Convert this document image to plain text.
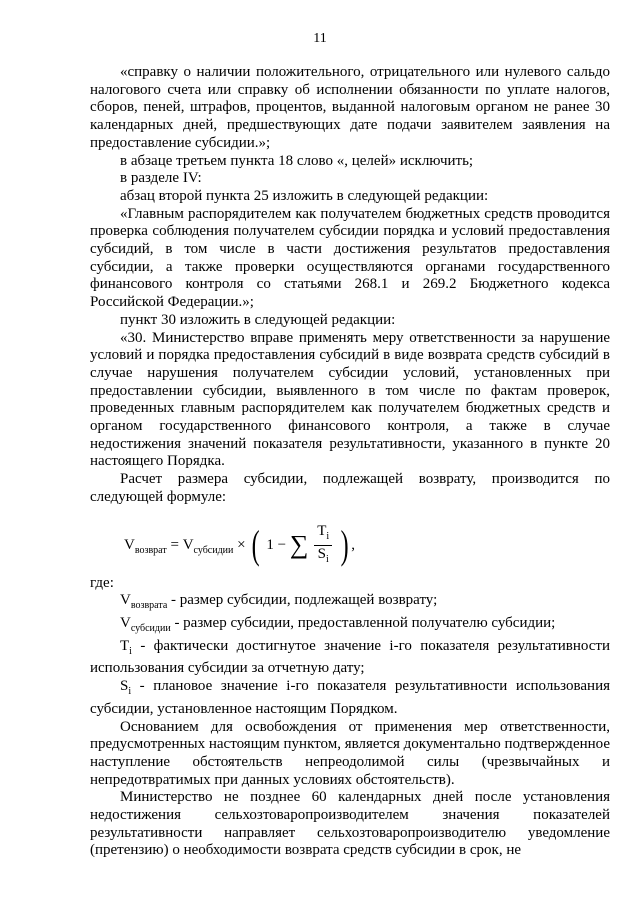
11

«справку о наличии положительного, отрицательного или нулевого сальдо налогового счета или справку об исполнении обязанности по уплате налогов, сборов, пеней, штрафов, процентов, выданной налоговым органом не ранее 30 календарных дней, предшествующих дате подачи заявителем заявления на предоставление субсидии.»;

в абзаце третьем пункта 18 слово «, целей» исключить;

в разделе IV:

абзац второй пункта 25 изложить в следующей редакции:

«Главным распорядителем как получателем бюджетных средств проводится проверка соблюдения получателем субсидии порядка и условий предоставления субсидий, в том числе в части достижения результатов предоставления субсидии, а также проверки осуществляются органами государственного финансового контроля со статьями 268.1 и 269.2 Бюджетного кодекса Российской Федерации.»;

пункт 30 изложить в следующей редакции:

«30. Министерство вправе применять меру ответственности за нарушение условий и порядка предоставления субсидий в виде возврата средств субсидий в случае нарушения получателем субсидии условий, установленных при предоставлении субсидии, выявленного в том числе по фактам проверок, проведенных главным распорядителем как получателем бюджетных средств и органом государственного финансового контроля, а также в случае недостижения значений показателя результативности, указанного в пункте 20 настоящего Порядка.

Расчет размера субсидии, подлежащей возврату, производится по следующей формуле:

$V_{возврат} = V_{субсидии}$ × ( 1 − ∑ $\frac{T_i}{S_i}$ ) ,

где:

$V_{возврата}$ - размер субсидии, подлежащей возврату;

$V_{субсидии}$ - размер субсидии, предоставленной получателю субсидии;

$T_i$ - фактически достигнутое значение i-го показателя результативности использования субсидии за отчетную дату;

$S_i$ - плановое значение i-го показателя результативности использования субсидии, установленное настоящим Порядком.

Основанием для освобождения от применения мер ответственности, предусмотренных настоящим пунктом, является документально подтвержденное наступление обстоятельств непреодолимой силы (чрезвычайных и непредотвратимых при данных условиях обстоятельств).

Министерство не позднее 60 календарных дней после установления недостижения сельхозтоваропроизводителем значения показателей результативности направляет сельхозтоваропроизводителю уведомление (претензию) о необходимости возврата средств субсидии в срок, не
